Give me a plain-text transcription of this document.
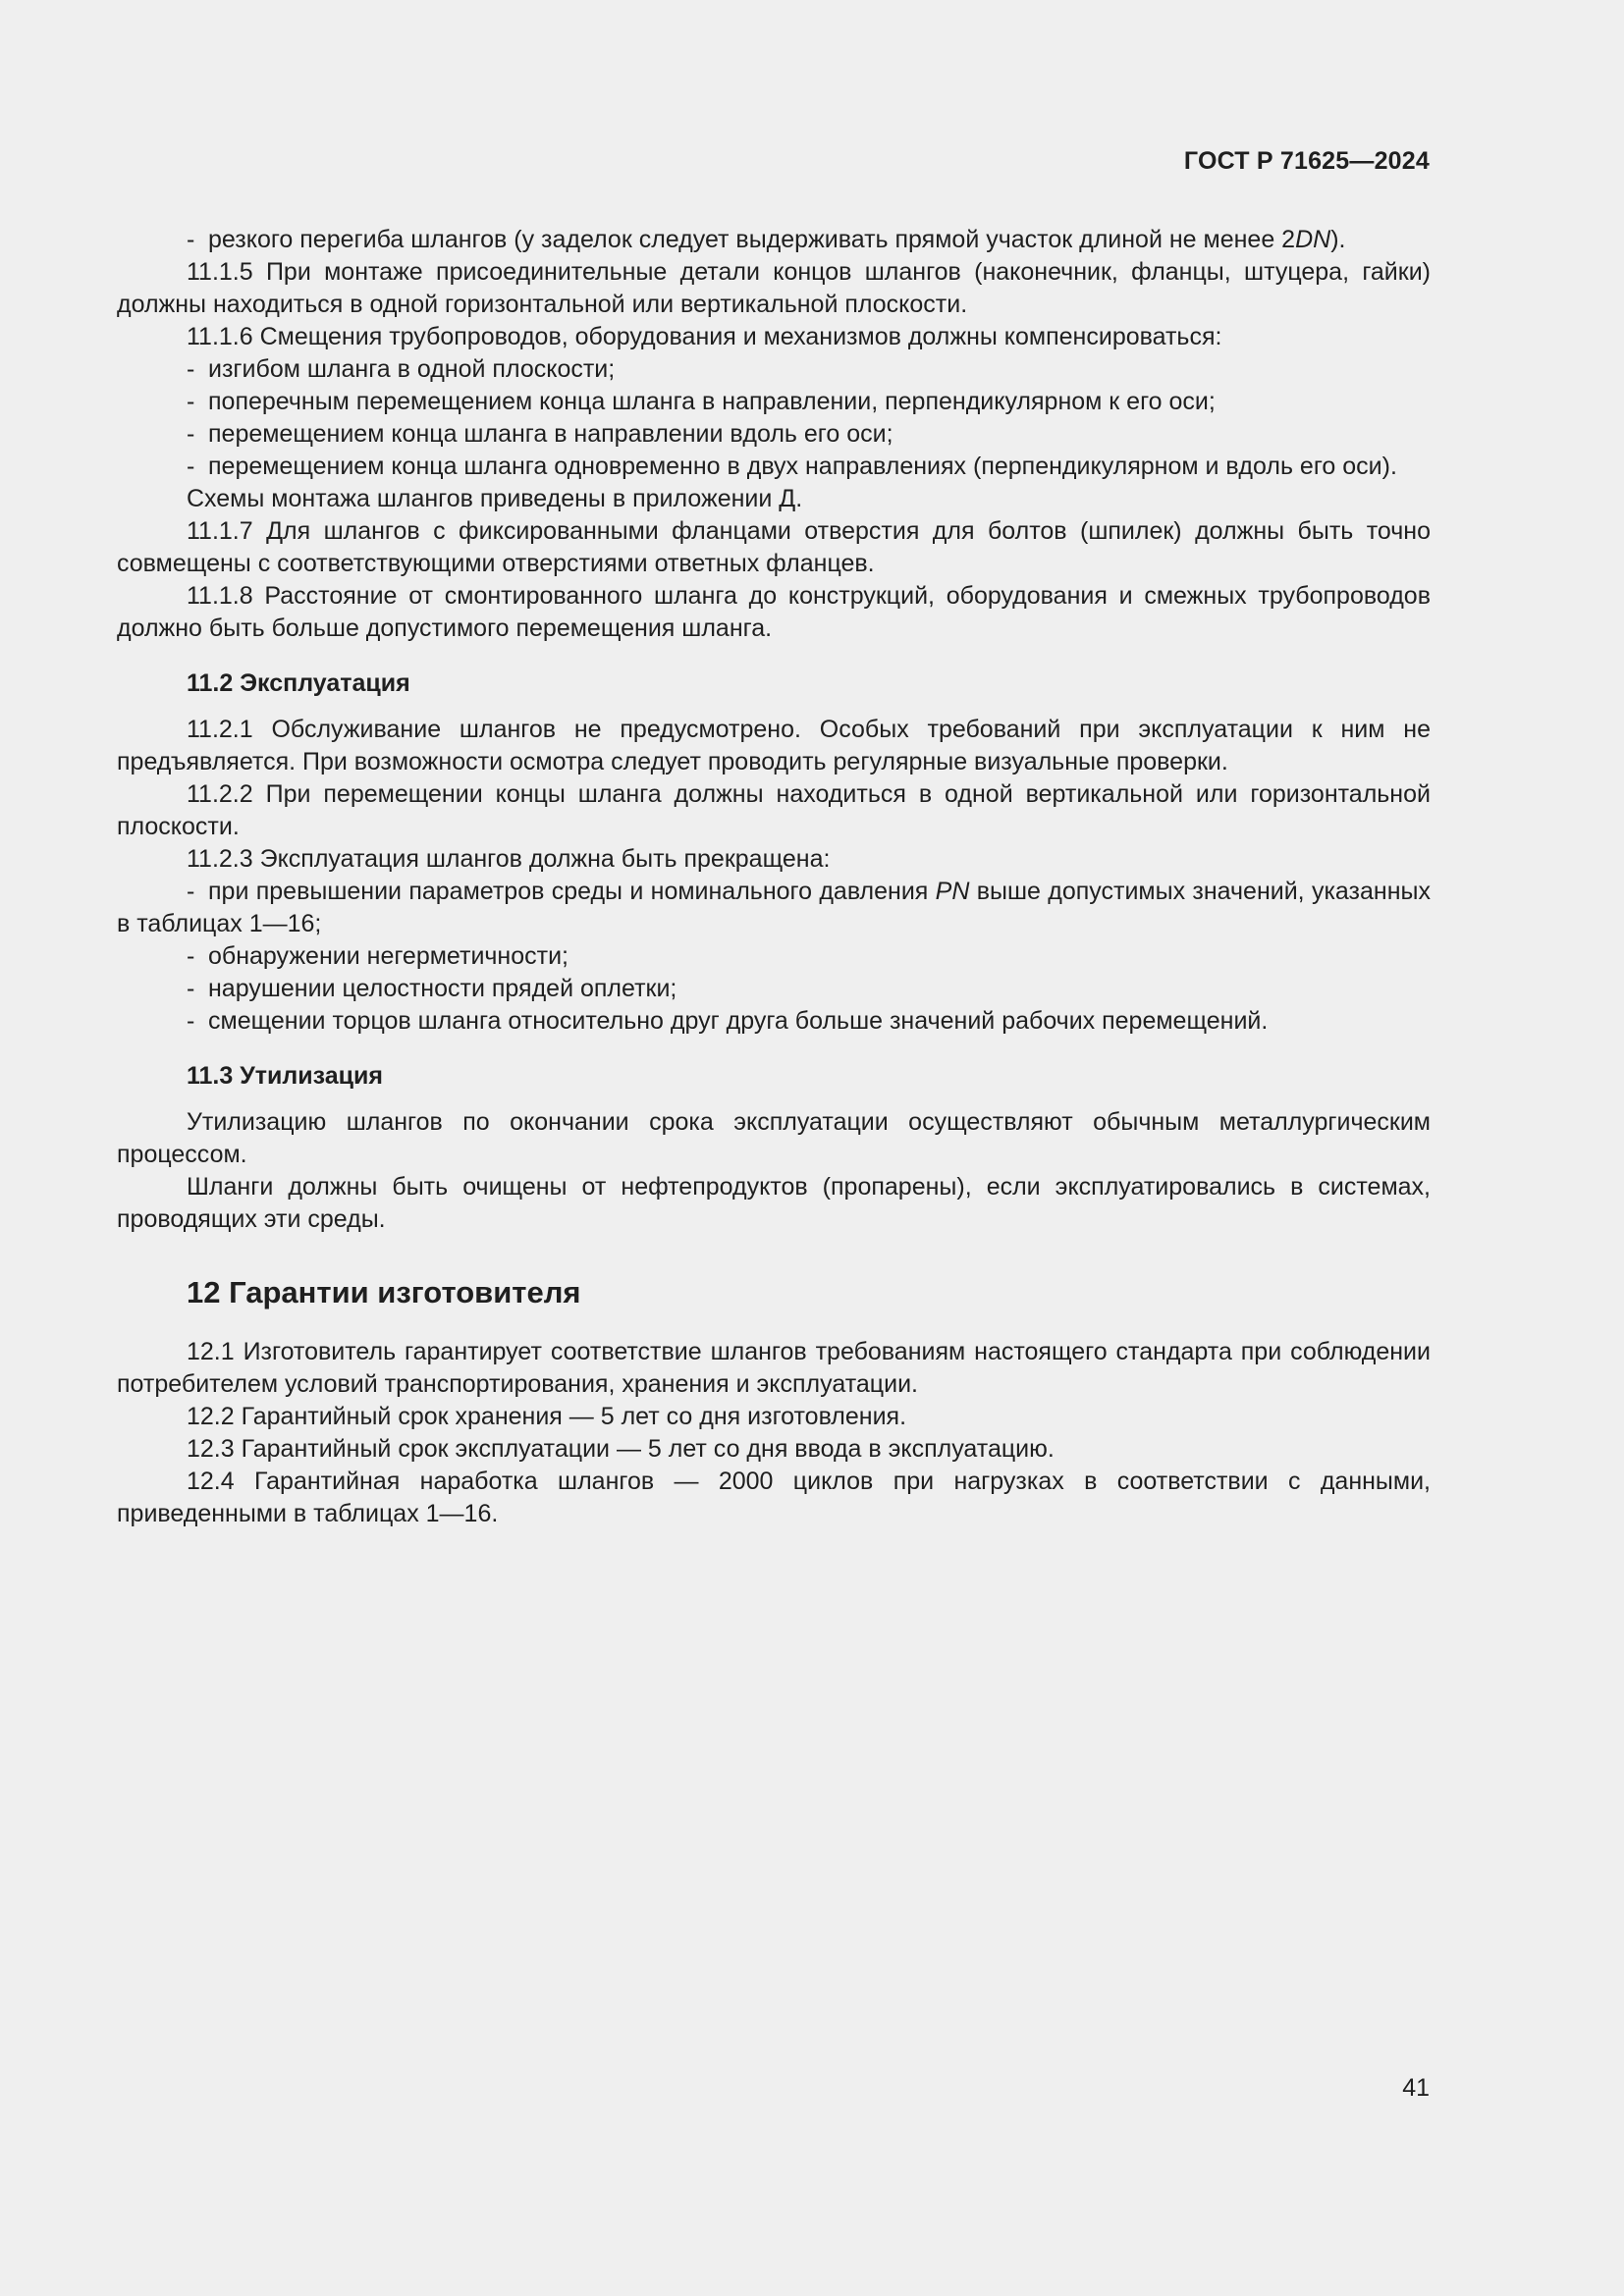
ГОСТ Р 71625—2024

- резкого перегиба шлангов (у заделок следует выдерживать прямой участок длиной не менее 2DN).

11.1.5 При монтаже присоединительные детали концов шлангов (наконечник, фланцы, штуцера, гайки) должны находиться в одной горизонтальной или вертикальной плоскости.

11.1.6 Смещения трубопроводов, оборудования и механизмов должны компенсироваться:

- изгибом шланга в одной плоскости;

- поперечным перемещением конца шланга в направлении, перпендикулярном к его оси;

- перемещением конца шланга в направлении вдоль его оси;

- перемещением конца шланга одновременно в двух направлениях (перпендикулярном и вдоль его оси).

Схемы монтажа шлангов приведены в приложении Д.

11.1.7 Для шлангов с фиксированными фланцами отверстия для болтов (шпилек) должны быть точно совмещены с соответствующими отверстиями ответных фланцев.

11.1.8 Расстояние от смонтированного шланга до конструкций, оборудования и смежных трубопроводов должно быть больше допустимого перемещения шланга.

11.2 Эксплуатация

11.2.1 Обслуживание шлангов не предусмотрено. Особых требований при эксплуатации к ним не предъявляется. При возможности осмотра следует проводить регулярные визуальные проверки.

11.2.2 При перемещении концы шланга должны находиться в одной вертикальной или горизонтальной плоскости.

11.2.3 Эксплуатация шлангов должна быть прекращена:

- при превышении параметров среды и номинального давления PN выше допустимых значений, указанных в таблицах 1—16;

- обнаружении негерметичности;

- нарушении целостности прядей оплетки;

- смещении торцов шланга относительно друг друга больше значений рабочих перемещений.

11.3 Утилизация

Утилизацию шлангов по окончании срока эксплуатации осуществляют обычным металлургическим процессом.

Шланги должны быть очищены от нефтепродуктов (пропарены), если эксплуатировались в системах, проводящих эти среды.

12 Гарантии изготовителя

12.1 Изготовитель гарантирует соответствие шлангов требованиям настоящего стандарта при соблюдении потребителем условий транспортирования, хранения и эксплуатации.

12.2 Гарантийный срок хранения — 5 лет со дня изготовления.

12.3 Гарантийный срок эксплуатации — 5 лет со дня ввода в эксплуатацию.

12.4 Гарантийная наработка шлангов — 2000 циклов при нагрузках в соответствии с данными, приведенными в таблицах 1—16.

41
